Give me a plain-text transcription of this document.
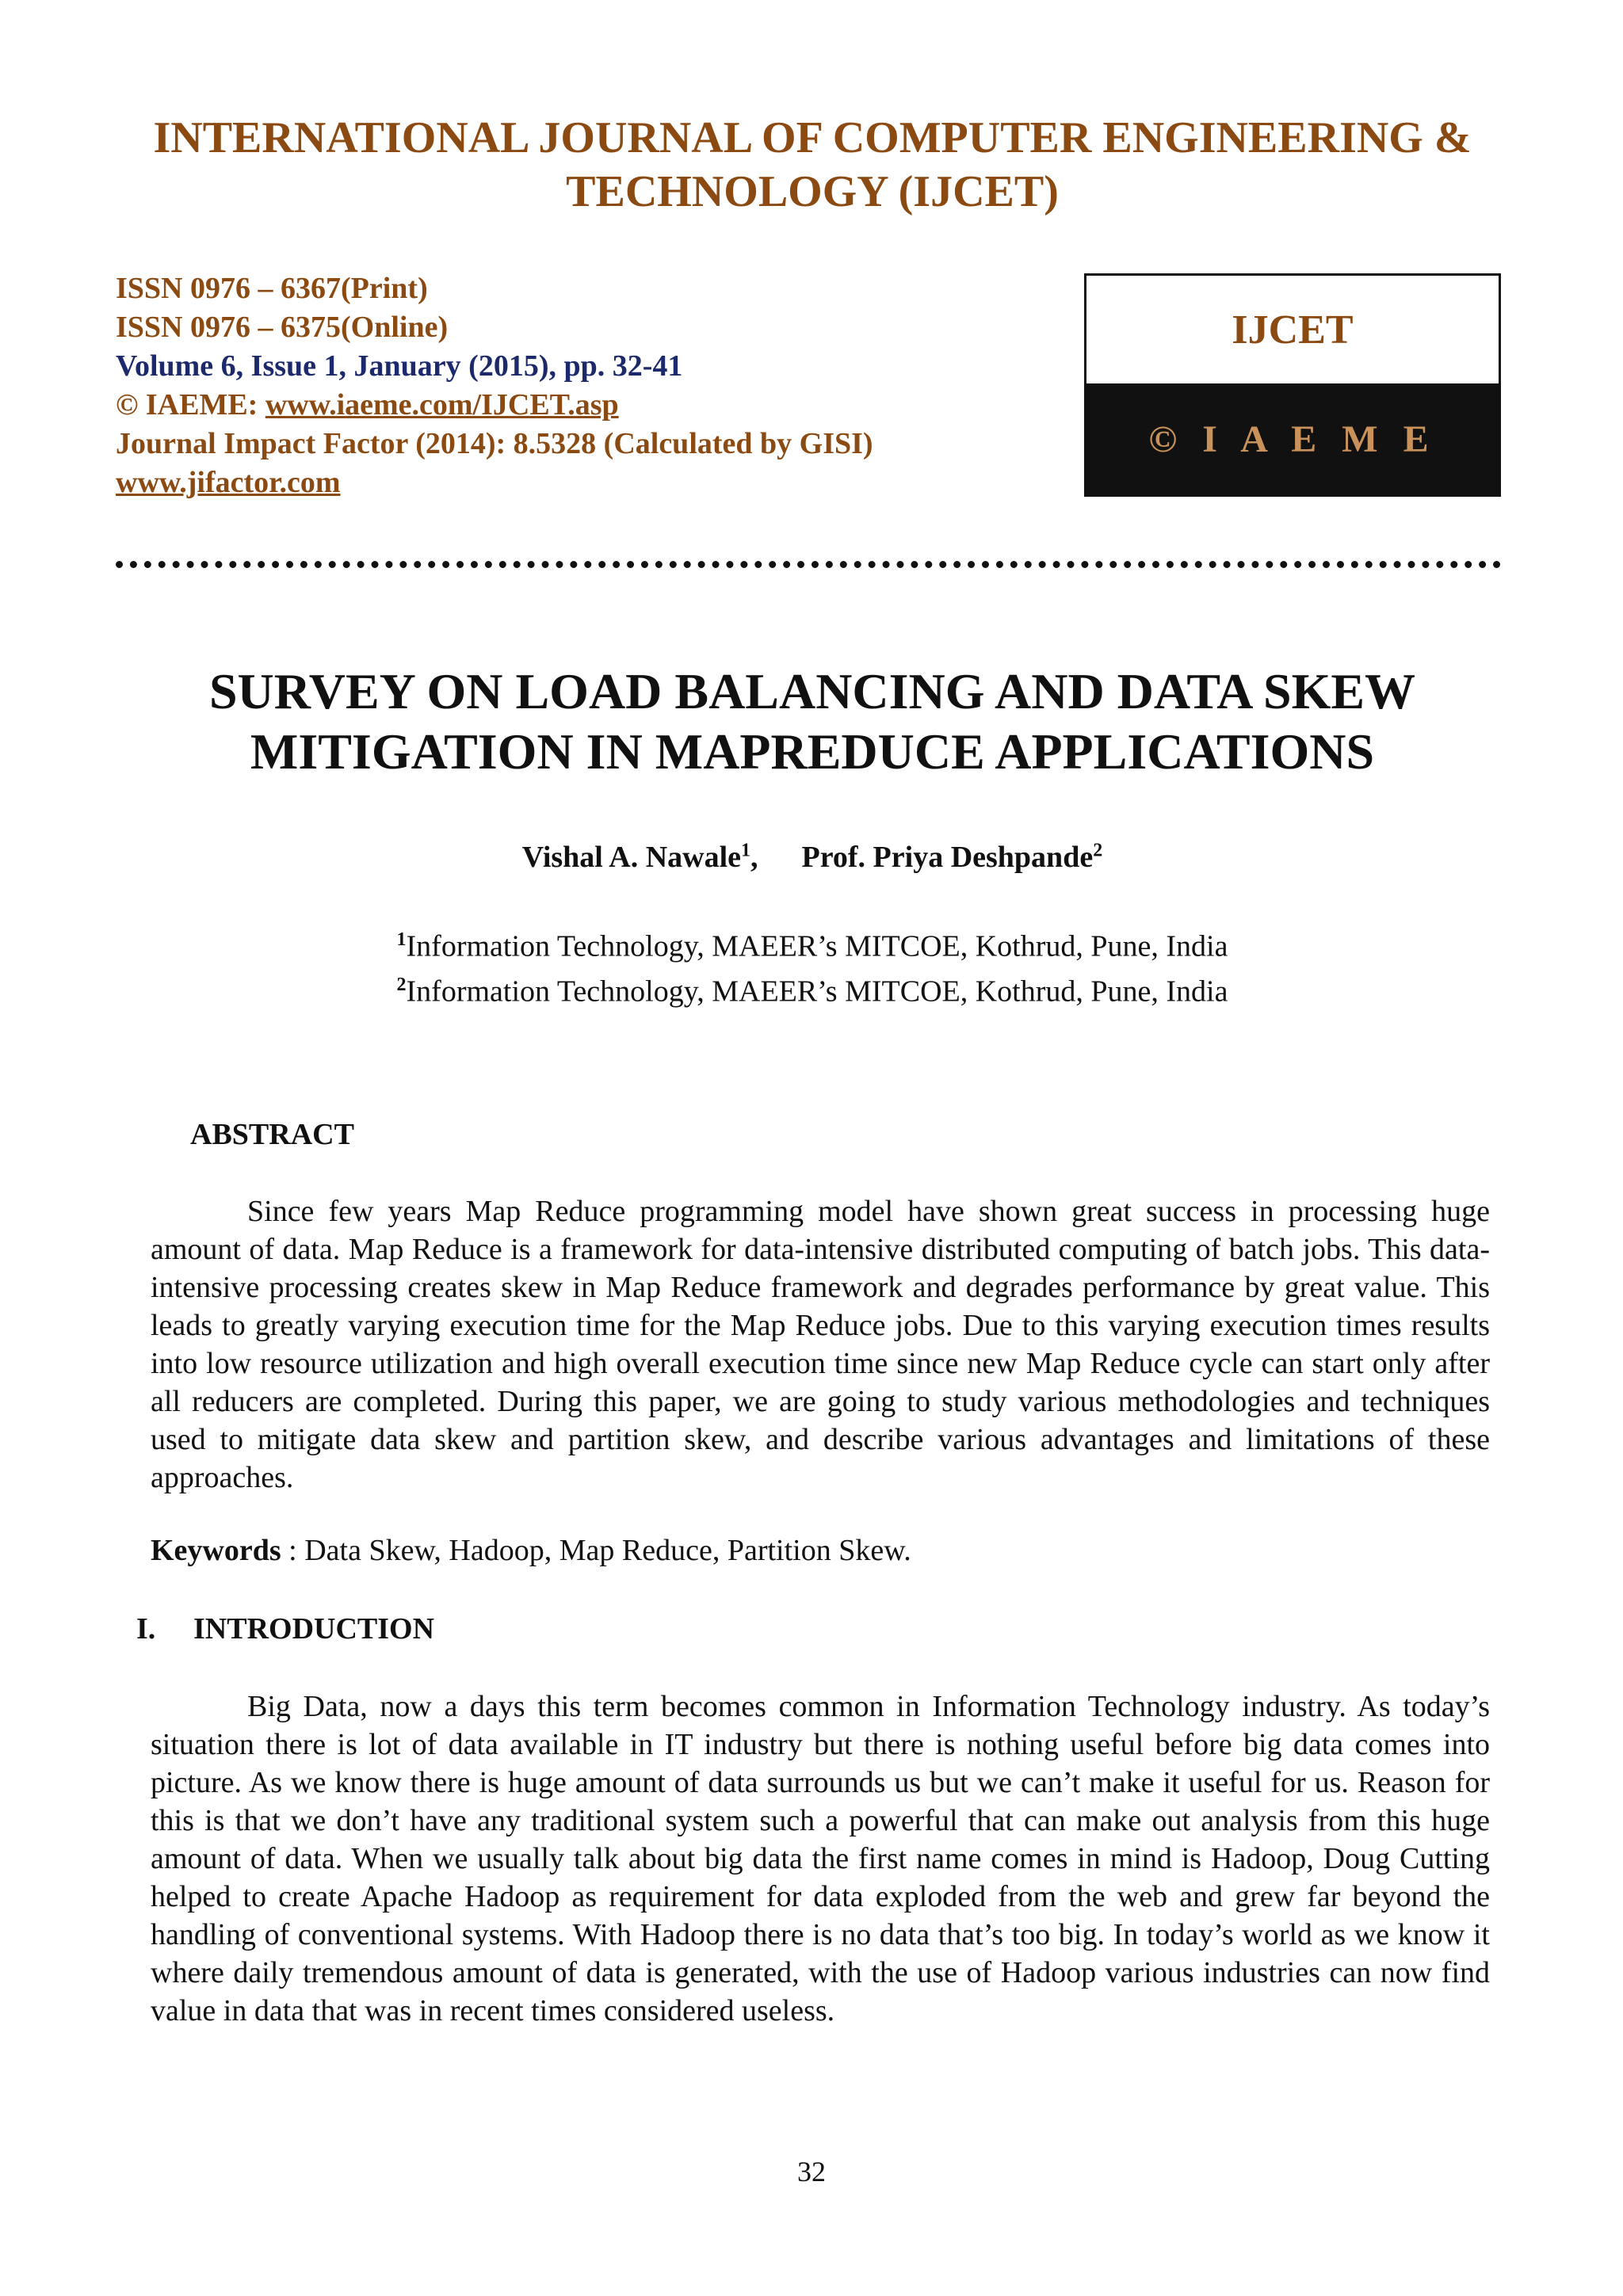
INTERNATIONAL JOURNAL OF COMPUTER ENGINEERING &
TECHNOLOGY (IJCET)
ISSN 0976 – 6367(Print)
ISSN 0976 – 6375(Online)
Volume 6, Issue 1, January (2015), pp. 32-41
© IAEME: www.iaeme.com/IJCET.asp
Journal Impact Factor (2014): 8.5328 (Calculated by GISI)
www.jifactor.com
IJCET
© I A E M E
SURVEY ON LOAD BALANCING AND DATA SKEW
MITIGATION IN MAPREDUCE APPLICATIONS
Vishal A. Nawale$^1$, Prof. Priya Deshpande$^2$
$^1$Information Technology, MAEER’s MITCOE, Kothrud, Pune, India
$^2$Information Technology, MAEER’s MITCOE, Kothrud, Pune, India
ABSTRACT
Since few years Map Reduce programming model have shown great success in processing huge amount of data. Map Reduce is a framework for data-intensive distributed computing of batch jobs. This data-intensive processing creates skew in Map Reduce framework and degrades performance by great value. This leads to greatly varying execution time for the Map Reduce jobs. Due to this varying execution times results into low resource utilization and high overall execution time since new Map Reduce cycle can start only after all reducers are completed. During this paper, we are going to study various methodologies and techniques used to mitigate data skew and partition skew, and describe various advantages and limitations of these approaches.
Keywords : Data Skew, Hadoop, Map Reduce, Partition Skew.
I. INTRODUCTION
Big Data, now a days this term becomes common in Information Technology industry. As today’s situation there is lot of data available in IT industry but there is nothing useful before big data comes into picture. As we know there is huge amount of data surrounds us but we can’t make it useful for us. Reason for this is that we don’t have any traditional system such a powerful that can make out analysis from this huge amount of data. When we usually talk about big data the first name comes in mind is Hadoop, Doug Cutting helped to create Apache Hadoop as requirement for data exploded from the web and grew far beyond the handling of conventional systems. With Hadoop there is no data that’s too big. In today’s world as we know it where daily tremendous amount of data is generated, with the use of Hadoop various industries can now find value in data that was in recent times considered useless.
32
